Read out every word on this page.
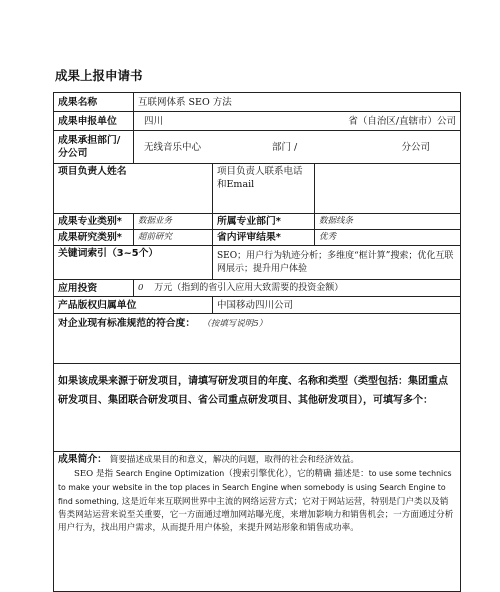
成果上报申请书
成果名称	互联网体系 SEO 方法		
成果申报单位	四川 省（自治区/直辖市）公司		

成果承担部门/分公司	无线音乐中心 部门 / 分公司		

项目负责人姓名		项目负责人联系电话和Email	
成果专业类别*	数据业务	所属专业部门*	数据线条
成果研究类别*	超前研究	省内评审结果*	优秀
关键词索引（3~5个）		SEO；用户行为轨迹分析；多维度“框计算”搜索；优化互联网展示；提升用户体验	
应用投资	0 万元（指到的省引入应用大致需要的投资金额）		
产品版权归属单位		中国移动四川公司	
对企业现有标准规范的符合度： （按填写说明5）			
如果该成果来源于研发项目，请填写研发项目的年度、名称和类型（类型包括：集团重点研发项目、集团联合研发项目、省公司重点研发项目、其他研发项目），可填写多个：			

成果简介： 简要描述成果目的和意义，解决的问题，取得的社会和经济效益。

SEO 是指 Search Engine Optimization（搜索引擎优化），它的精确 描述是：to use some technics to make your website in the top places in Search Engine when somebody is using Search Engine to find something, 这是近年来互联网世界中主流的网络运营方式；它对于网站运营，特别是门户类以及销售类网站运营来说至关重要，它一方面通过增加网站曝光度，来增加影响力和销售机会；一方面通过分析用户行为，找出用户需求，从而提升用户体验，来提升网站形象和销售成功率。			
